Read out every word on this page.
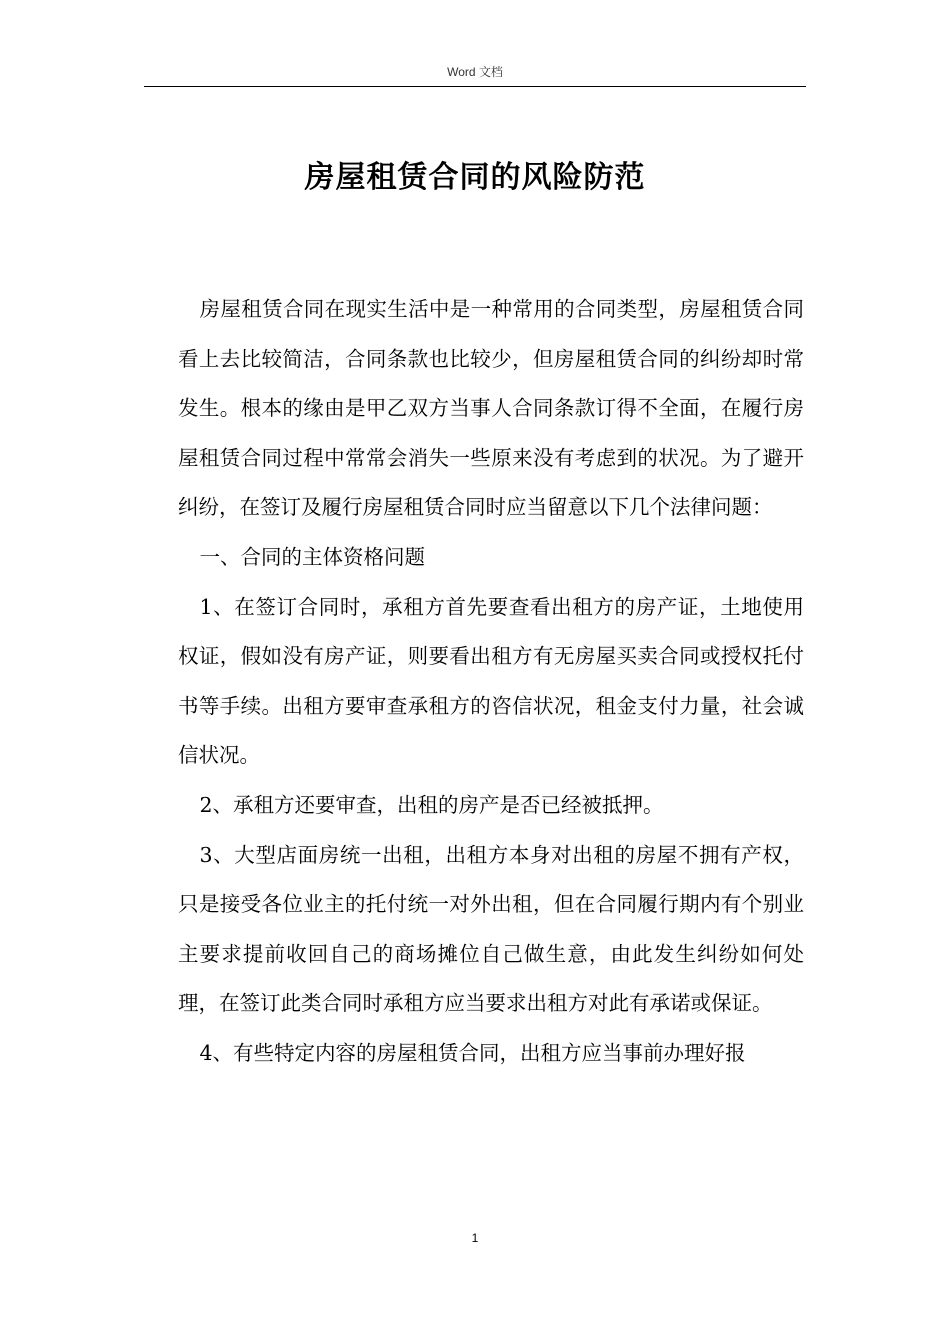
Word 文档
房屋租赁合同的风险防范

房屋租赁合同在现实生活中是一种常用的合同类型，房屋租赁合同看上去比较简洁，合同条款也比较少，但房屋租赁合同的纠纷却时常发生。根本的缘由是甲乙双方当事人合同条款订得不全面，在履行房屋租赁合同过程中常常会消失一些原来没有考虑到的状况。为了避开纠纷，在签订及履行房屋租赁合同时应当留意以下几个法律问题：

一、合同的主体资格问题

1、在签订合同时，承租方首先要查看出租方的房产证，土地使用权证，假如没有房产证，则要看出租方有无房屋买卖合同或授权托付书等手续。出租方要审查承租方的咨信状况，租金支付力量，社会诚信状况。

2、承租方还要审查，出租的房产是否已经被抵押。

3、大型店面房统一出租，出租方本身对出租的房屋不拥有产权，只是接受各位业主的托付统一对外出租，但在合同履行期内有个别业主要求提前收回自己的商场摊位自己做生意，由此发生纠纷如何处理，在签订此类合同时承租方应当要求出租方对此有承诺或保证。

4、有些特定内容的房屋租赁合同，出租方应当事前办理好报

1
